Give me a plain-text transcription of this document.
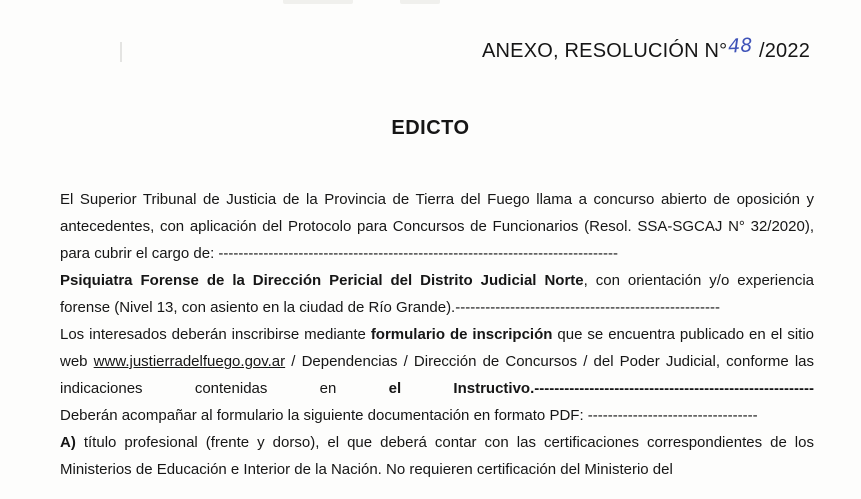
ANEXO, RESOLUCIÓN N°48 /2022
EDICTO

El Superior Tribunal de Justicia de la Provincia de Tierra del Fuego llama a concurso abierto de oposición y antecedentes, con aplicación del Protocolo para Concursos de Funcionarios (Resol. SSA-SGCAJ N° 32/2020), para cubrir el cargo de: --------------------------------------------------------------------------------

Psiquiatra Forense de la Dirección Pericial del Distrito Judicial Norte, con orientación y/o experiencia forense (Nivel 13, con asiento en la ciudad de Río Grande).-----------------------------------------------------

Los interesados deberán inscribirse mediante formulario de inscripción que se encuentra publicado en el sitio web www.justierradelfuego.gov.ar / Dependencias / Dirección de Concursos / del Poder Judicial, conforme las indicaciones contenidas en el Instructivo.--------------------------------------------------------

Deberán acompañar al formulario la siguiente documentación en formato PDF: ----------------------------------

A) título profesional (frente y dorso), el que deberá contar con las certificaciones correspondientes de los Ministerios de Educación e Interior de la Nación. No requieren certificación del Ministerio del
